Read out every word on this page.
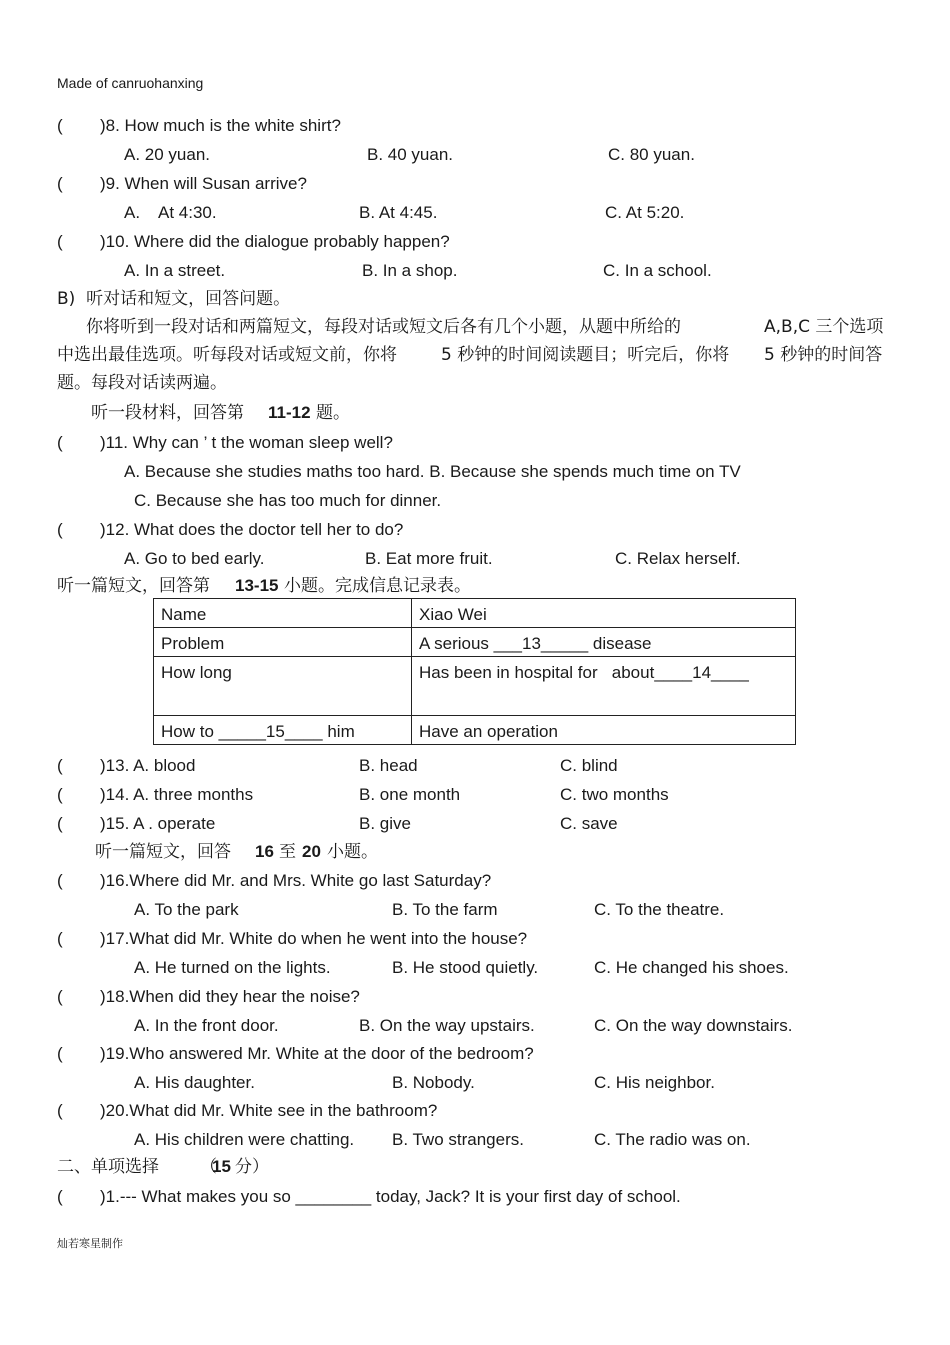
Made of canruohanxing
( )8. How much is the white shirt?
A. 20 yuan.	B. 40 yuan.	C. 80 yuan.
( )9. When will Susan arrive?
A.    At 4:30.	B. At 4:45.	C. At 5:20.
( )10. Where did the dialogue probably happen?
A. In a street.	B. In a shop.	C. In a school.
B)  听对话和短文，回答问题。
你将听到一段对话和两篇短文，每段对话或短文后各有几个小题，从题中所给的	A,B,C 三个选项
中选出最佳选项。听每段对话或短文前，你将	5 秒钟的时间阅读题目；听完后，你将 5 秒钟的时间答
题。每段对话读两遍。
听一段材料，回答第 11-12 题。
( )11. Why can ’ t the woman sleep well?
A. Because she studies maths too hard. B. Because she spends much time on TV
C. Because she has too much for dinner.
( )12. What does the doctor tell her to do?
A. Go to bed early.	B. Eat more fruit.	C. Relax herself.
听一篇短文，回答第 13-15 小题。完成信息记录表。
Name	Xiao Wei
Problem	A serious ___13_____ disease
How long	Has been in hospital for   about____14____
How to _____15____ him	Have an operation
( )13. A. blood	B. head	C. blind
( )14. A. three months	B. one month	C. two months
( )15. A . operate	B. give	C. save
听一篇短文，回答 16 至 20 小题。
( )16.Where did Mr. and Mrs. White go last Saturday?
A. To the park	B. To the farm	C. To the theatre.
( )17.What did Mr. White do when he went into the house?
A. He turned on the lights.	B. He stood quietly.	C. He changed his shoes.
( )18.When did they hear the noise?
A. In the front door.	B. On the way upstairs.	C. On the way downstairs.
( )19.Who answered Mr. White at the door of the bedroom?
A. His daughter.	B. Nobody.	C. His neighbor.
( )20.What did Mr. White see in the bathroom?
A. His children were chatting. B. Two strangers.	C. The radio was on.
二、单项选择 （
15 分）
( )1.--- What makes you so ________ today, Jack? It is your first day of school.
灿若寒星制作
